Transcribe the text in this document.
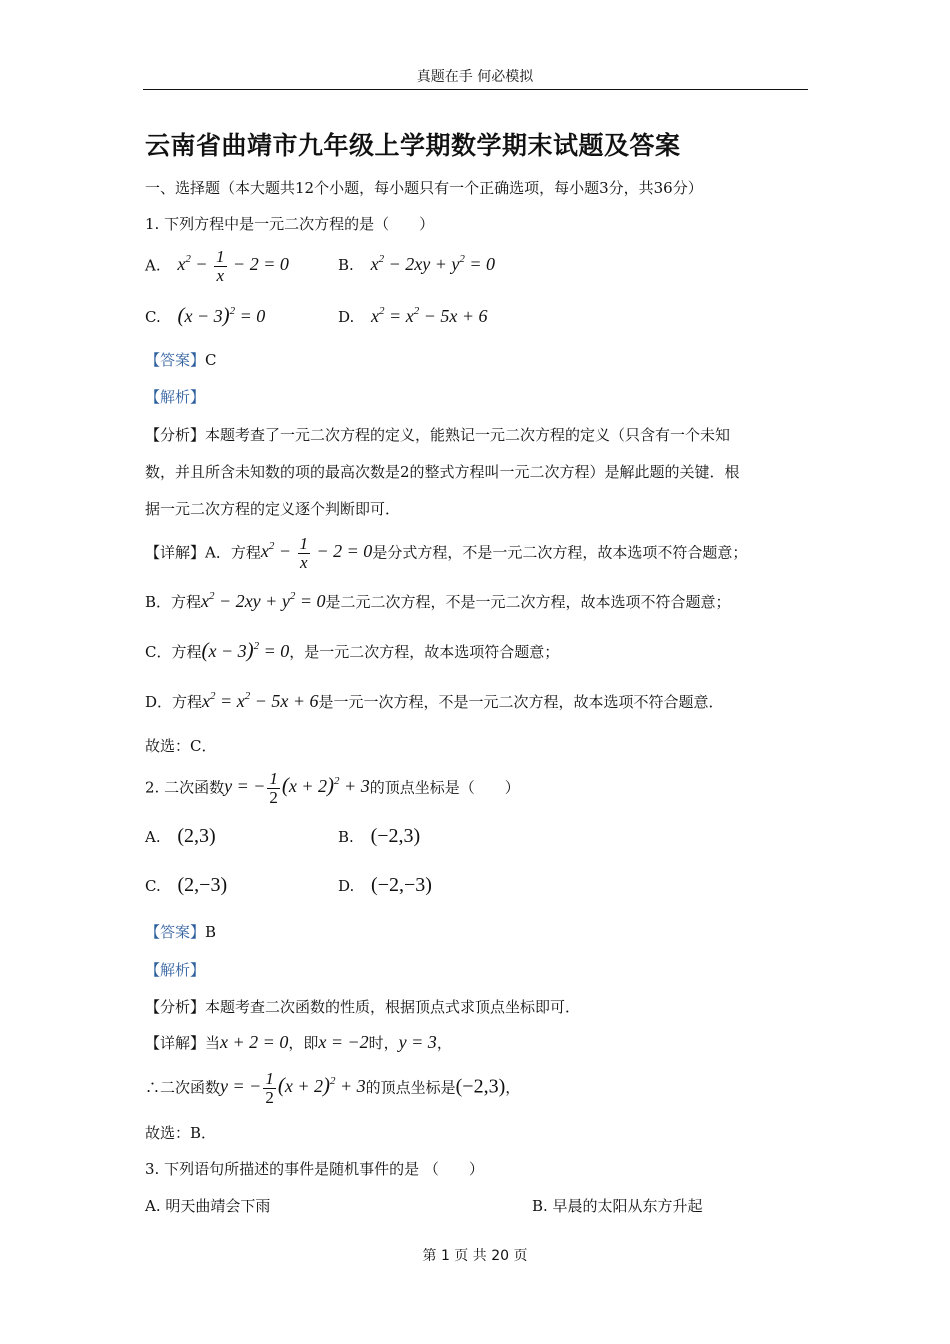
真题在手 何必模拟
云南省曲靖市九年级上学期数学期末试题及答案
一、选择题（本大题共12个小题，每小题只有一个正确选项，每小题3分，共36分）
1. 下列方程中是一元二次方程的是（　　）
A. $x^2 - \frac{1}{x} - 2 = 0$	B. $x^2 - 2xy + y^2 = 0$
C. $(x - 3)^2 = 0$	D. $x^2 = x^2 - 5x + 6$
【答案】C
【解析】
【分析】本题考查了一元二次方程的定义，能熟记一元二次方程的定义（只含有一个未知
数，并且所含未知数的项的最高次数是2的整式方程叫一元二次方程）是解此题的关键．根
据一元二次方程的定义逐个判断即可．
【详解】A．方程$x^2 - \frac{1}{x} - 2 = 0$是分式方程，不是一元二次方程，故本选项不符合题意；
B．方程$x^2 - 2xy + y^2 = 0$是二元二次方程，不是一元二次方程，故本选项不符合题意；
C．方程$(x - 3)^2 = 0$，是一元二次方程，故本选项符合题意；
D．方程$x^2 = x^2 - 5x + 6$是一元一次方程，不是一元二次方程，故本选项不符合题意．
故选：C．
2. 二次函数y = − $\frac{1}{2} (x + 2)^2 + 3$的顶点坐标是（　　）
A. (2,3)	B. (−2,3)
C. (2,−3)	D. (−2,−3)
【答案】B
【解析】
【分析】本题考查二次函数的性质，根据顶点式求顶点坐标即可．
【详解】当x + 2 = 0，即x = −2时，y = 3，
∴二次函数y = − $\frac{1}{2} (x + 2)^2 + 3$的顶点坐标是(−2,3)，
故选：B．
3. 下列语句所描述的事件是随机事件的是 （　　）
A. 明天曲靖会下雨	B. 早晨的太阳从东方升起
第 1 页 共 20 页
